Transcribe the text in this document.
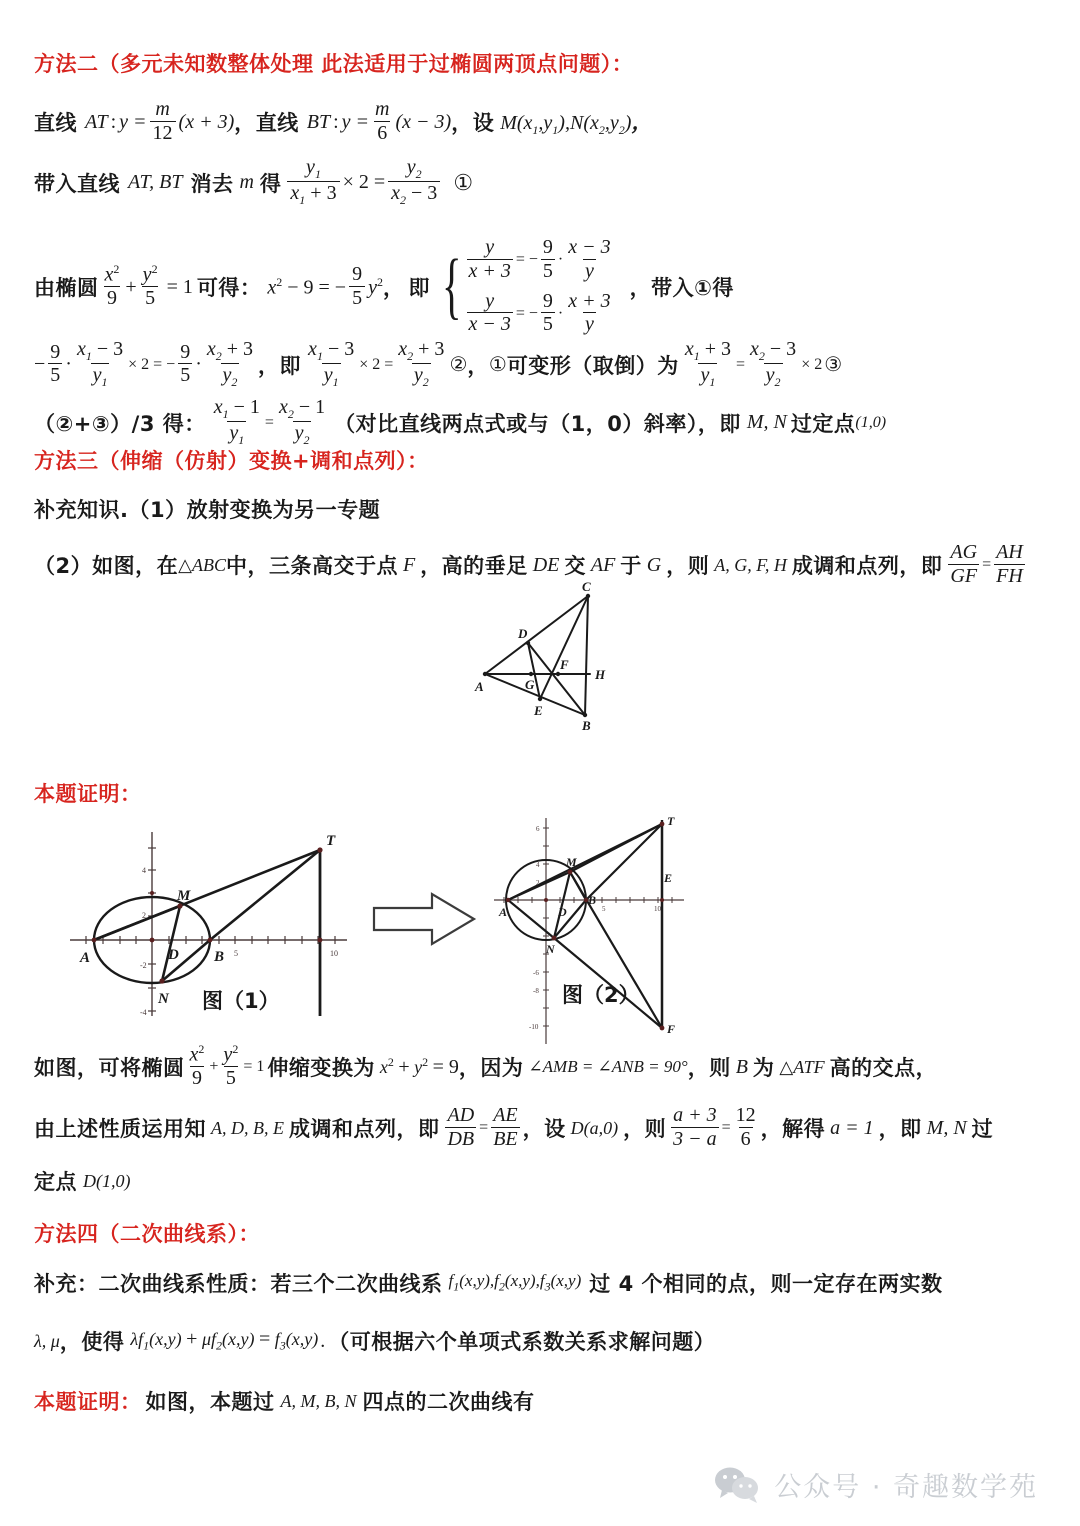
方法二（多元未知数整体处理 此法适用于过椭圆两顶点问题）：
直线 AT : $y = \frac{m}{12} (x + 3)$ ， 直线 BT : $y = \frac{m}{6} (x - 3)$ ， 设 $M(x_1,y_1),N(x_2,y_2)$，
带入直线 AT, BT 消去 m 得 $\frac{y_1}{x_1 + 3} \times 2 = \frac{y_2}{x_2 - 3}$ ①
由椭圆 $\frac{x^2}{9} + \frac{y^2}{5} = 1$ 可得： $x^2 - 9$ = − $\frac{9}{5} y^2$ ， 即 { $\frac{y}{x + 3}$ = − $\frac{9}{5} \cdot \frac{x - 3}{y}$
$\frac{y}{x - 3}$ = − $\frac{9}{5} \cdot \frac{x + 3}{y}$
，带入①得
− $\frac{9}{5} \cdot \frac{x_1 - 3}{y_1} \times 2$ = − $\frac{9}{5} \cdot \frac{x_2 + 3}{y_2}$ ， 即 $\frac{x_1 - 3}{y_1} \times 2 = \frac{x_2 + 3}{y_2}$ ② ， ① 可变形（取倒）为 $\frac{x_1 + 3}{y_1} = \frac{x_2 - 3}{y_2} \times 2$ ③
（②+③）/3 得： $\frac{x_1 - 1}{y_1} = \frac{x_2 - 1}{y_2}$ （对比直线两点式或与（1，0）斜率），即 M, N 过定点 (1,0)
方法三（伸缩（仿射）变换+调和点列）：
补充知识.（1）放射变换为另一专题
（2）如图，在 △ABC 中，三条高交于点 F ，高的垂足 DE 交 AF 于 G ，则 A, G, F, H 成调和点列，即 $\frac{AG}{GF} = \frac{AH}{FH}$
A
C
B
D
E
F
G
H
本题证明：
4
2
-2
-4
5	10
A
M
D B
N
T
图（1）
6
4
2
-6
-8
-10
5	10
A
M
D
B
N
T
E
F
图（2）
如图，可将椭圆 $\frac{x^2}{9} + \frac{y^2}{5} = 1$ 伸缩变换为 $x^2 + y^2 = 9$ ， 因为 ∠AMB = ∠ANB = 90° ， 则 B 为 △ATF 高的交点，
由上述性质运用知 A, D, B, E 成调和点列，即 $\frac{AD}{DB} = \frac{AE}{BE}$ ， 设 D(a,0) ， 则 $\frac{a + 3}{3 - a} = \frac{12}{6}$ ， 解得 a = 1 ， 即 M, N 过
定点 D(1,0)
方法四（二次曲线系）：
补充：二次曲线系性质：若三个二次曲线系 $f_1(x,y),f_2(x,y),f_3(x,y)$ 过 4 个相同的点，则一定存在两实数
λ, μ ， 使得 $\lambda f_1(x,y) + \mu f_2(x,y) = f_3(x,y)$ . （可根据六个单项式系数关系求解问题）
本题证明： 如图，本题过 A, M, B, N 四点的二次曲线有
公众号 · 奇趣数学苑
